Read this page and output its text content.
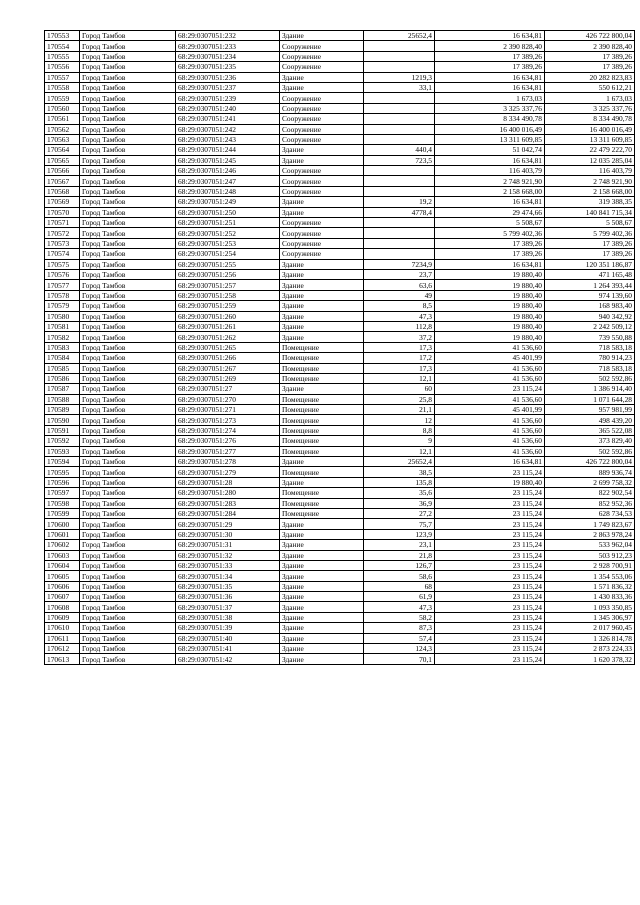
170553	Город Тамбов	68:29:0307051:232	Здание	25652,4	16 634,81	426 722 800,04
170554	Город Тамбов	68:29:0307051:233	Сооружение		2 390 828,40	2 390 828,40
170555	Город Тамбов	68:29:0307051:234	Сооружение		17 389,26	17 389,26
170556	Город Тамбов	68:29:0307051:235	Сооружение		17 389,26	17 389,26
170557	Город Тамбов	68:29:0307051:236	Здание	1219,3	16 634,81	20 282 823,83
170558	Город Тамбов	68:29:0307051:237	Здание	33,1	16 634,81	550 612,21
170559	Город Тамбов	68:29:0307051:239	Сооружение		1 673,03	1 673,03
170560	Город Тамбов	68:29:0307051:240	Сооружение		3 325 337,76	3 325 337,76
170561	Город Тамбов	68:29:0307051:241	Сооружение		8 334 490,78	8 334 490,78
170562	Город Тамбов	68:29:0307051:242	Сооружение		16 400 016,49	16 400 016,49
170563	Город Тамбов	68:29:0307051:243	Сооружение		13 311 609,85	13 311 609,85
170564	Город Тамбов	68:29:0307051:244	Здание	440,4	51 042,74	22 479 222,70
170565	Город Тамбов	68:29:0307051:245	Здание	723,5	16 634,81	12 035 285,04
170566	Город Тамбов	68:29:0307051:246	Сооружение		116 403,79	116 403,79
170567	Город Тамбов	68:29:0307051:247	Сооружение		2 748 921,90	2 748 921,90
170568	Город Тамбов	68:29:0307051:248	Сооружение		2 158 668,00	2 158 668,00
170569	Город Тамбов	68:29:0307051:249	Здание	19,2	16 634,81	319 388,35
170570	Город Тамбов	68:29:0307051:250	Здание	4778,4	29 474,66	140 841 715,34
170571	Город Тамбов	68:29:0307051:251	Сооружение		5 508,67	5 508,67
170572	Город Тамбов	68:29:0307051:252	Сооружение		5 799 402,36	5 799 402,36
170573	Город Тамбов	68:29:0307051:253	Сооружение		17 389,26	17 389,26
170574	Город Тамбов	68:29:0307051:254	Сооружение		17 389,26	17 389,26
170575	Город Тамбов	68:29:0307051:255	Здание	7234,9	16 634,81	120 351 186,87
170576	Город Тамбов	68:29:0307051:256	Здание	23,7	19 880,40	471 165,48
170577	Город Тамбов	68:29:0307051:257	Здание	63,6	19 880,40	1 264 393,44
170578	Город Тамбов	68:29:0307051:258	Здание	49	19 880,40	974 139,60
170579	Город Тамбов	68:29:0307051:259	Здание	8,5	19 880,40	168 983,40
170580	Город Тамбов	68:29:0307051:260	Здание	47,3	19 880,40	940 342,92
170581	Город Тамбов	68:29:0307051:261	Здание	112,8	19 880,40	2 242 509,12
170582	Город Тамбов	68:29:0307051:262	Здание	37,2	19 880,40	739 550,88
170583	Город Тамбов	68:29:0307051:265	Помещение	17,3	41 536,60	718 583,18
170584	Город Тамбов	68:29:0307051:266	Помещение	17,2	45 401,99	780 914,23
170585	Город Тамбов	68:29:0307051:267	Помещение	17,3	41 536,60	718 583,18
170586	Город Тамбов	68:29:0307051:269	Помещение	12,1	41 536,60	502 592,86
170587	Город Тамбов	68:29:0307051:27	Здание	60	23 115,24	1 386 914,40
170588	Город Тамбов	68:29:0307051:270	Помещение	25,8	41 536,60	1 071 644,28
170589	Город Тамбов	68:29:0307051:271	Помещение	21,1	45 401,99	957 981,99
170590	Город Тамбов	68:29:0307051:273	Помещение	12	41 536,60	498 439,20
170591	Город Тамбов	68:29:0307051:274	Помещение	8,8	41 536,60	365 522,08
170592	Город Тамбов	68:29:0307051:276	Помещение	9	41 536,60	373 829,40
170593	Город Тамбов	68:29:0307051:277	Помещение	12,1	41 536,60	502 592,86
170594	Город Тамбов	68:29:0307051:278	Здание	25652,4	16 634,81	426 722 800,04
170595	Город Тамбов	68:29:0307051:279	Помещение	38,5	23 115,24	889 936,74
170596	Город Тамбов	68:29:0307051:28	Здание	135,8	19 880,40	2 699 758,32
170597	Город Тамбов	68:29:0307051:280	Помещение	35,6	23 115,24	822 902,54
170598	Город Тамбов	68:29:0307051:283	Помещение	36,9	23 115,24	852 952,36
170599	Город Тамбов	68:29:0307051:284	Помещение	27,2	23 115,24	628 734,53
170600	Город Тамбов	68:29:0307051:29	Здание	75,7	23 115,24	1 749 823,67
170601	Город Тамбов	68:29:0307051:30	Здание	123,9	23 115,24	2 863 978,24
170602	Город Тамбов	68:29:0307051:31	Здание	23,1	23 115,24	533 962,04
170603	Город Тамбов	68:29:0307051:32	Здание	21,8	23 115,24	503 912,23
170604	Город Тамбов	68:29:0307051:33	Здание	126,7	23 115,24	2 928 700,91
170605	Город Тамбов	68:29:0307051:34	Здание	58,6	23 115,24	1 354 553,06
170606	Город Тамбов	68:29:0307051:35	Здание	68	23 115,24	1 571 836,32
170607	Город Тамбов	68:29:0307051:36	Здание	61,9	23 115,24	1 430 833,36
170608	Город Тамбов	68:29:0307051:37	Здание	47,3	23 115,24	1 093 350,85
170609	Город Тамбов	68:29:0307051:38	Здание	58,2	23 115,24	1 345 306,97
170610	Город Тамбов	68:29:0307051:39	Здание	87,3	23 115,24	2 017 960,45
170611	Город Тамбов	68:29:0307051:40	Здание	57,4	23 115,24	1 326 814,78
170612	Город Тамбов	68:29:0307051:41	Здание	124,3	23 115,24	2 873 224,33
170613	Город Тамбов	68:29:0307051:42	Здание	70,1	23 115,24	1 620 378,32
